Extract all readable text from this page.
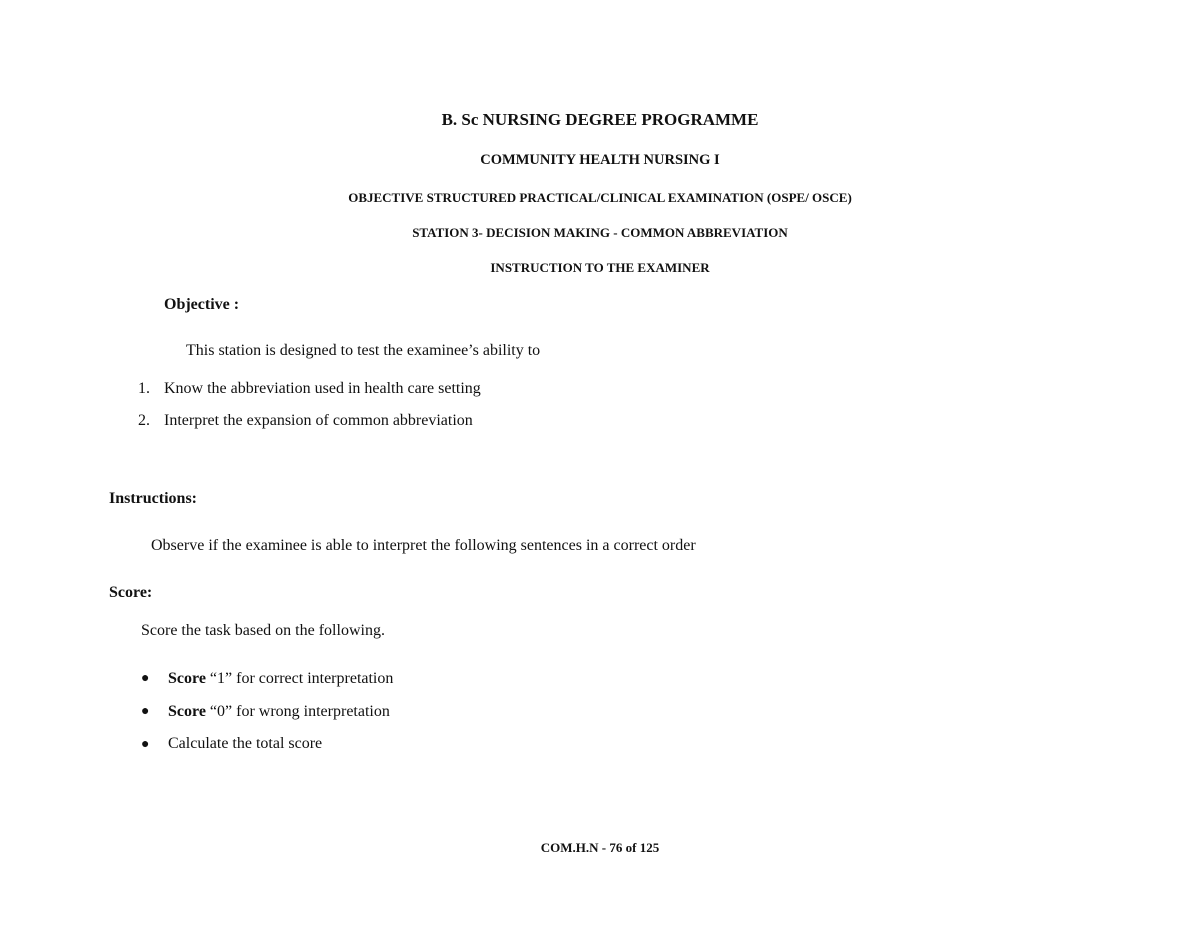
B. Sc NURSING DEGREE PROGRAMME
COMMUNITY HEALTH NURSING I
OBJECTIVE STRUCTURED PRACTICAL/CLINICAL EXAMINATION (OSPE/ OSCE)
STATION 3- DECISION MAKING - COMMON ABBREVIATION
INSTRUCTION TO THE EXAMINER
Objective :
This station is designed to test the examinee’s ability to
1. Know the abbreviation used in health care setting
2. Interpret the expansion of common abbreviation
Instructions:
Observe if the examinee is able to interpret the following sentences in a correct order
Score:
Score the task based on the following.
● Score “1” for correct interpretation
● Score “0” for wrong interpretation
● Calculate the total score
COM.H.N - 76 of 125
